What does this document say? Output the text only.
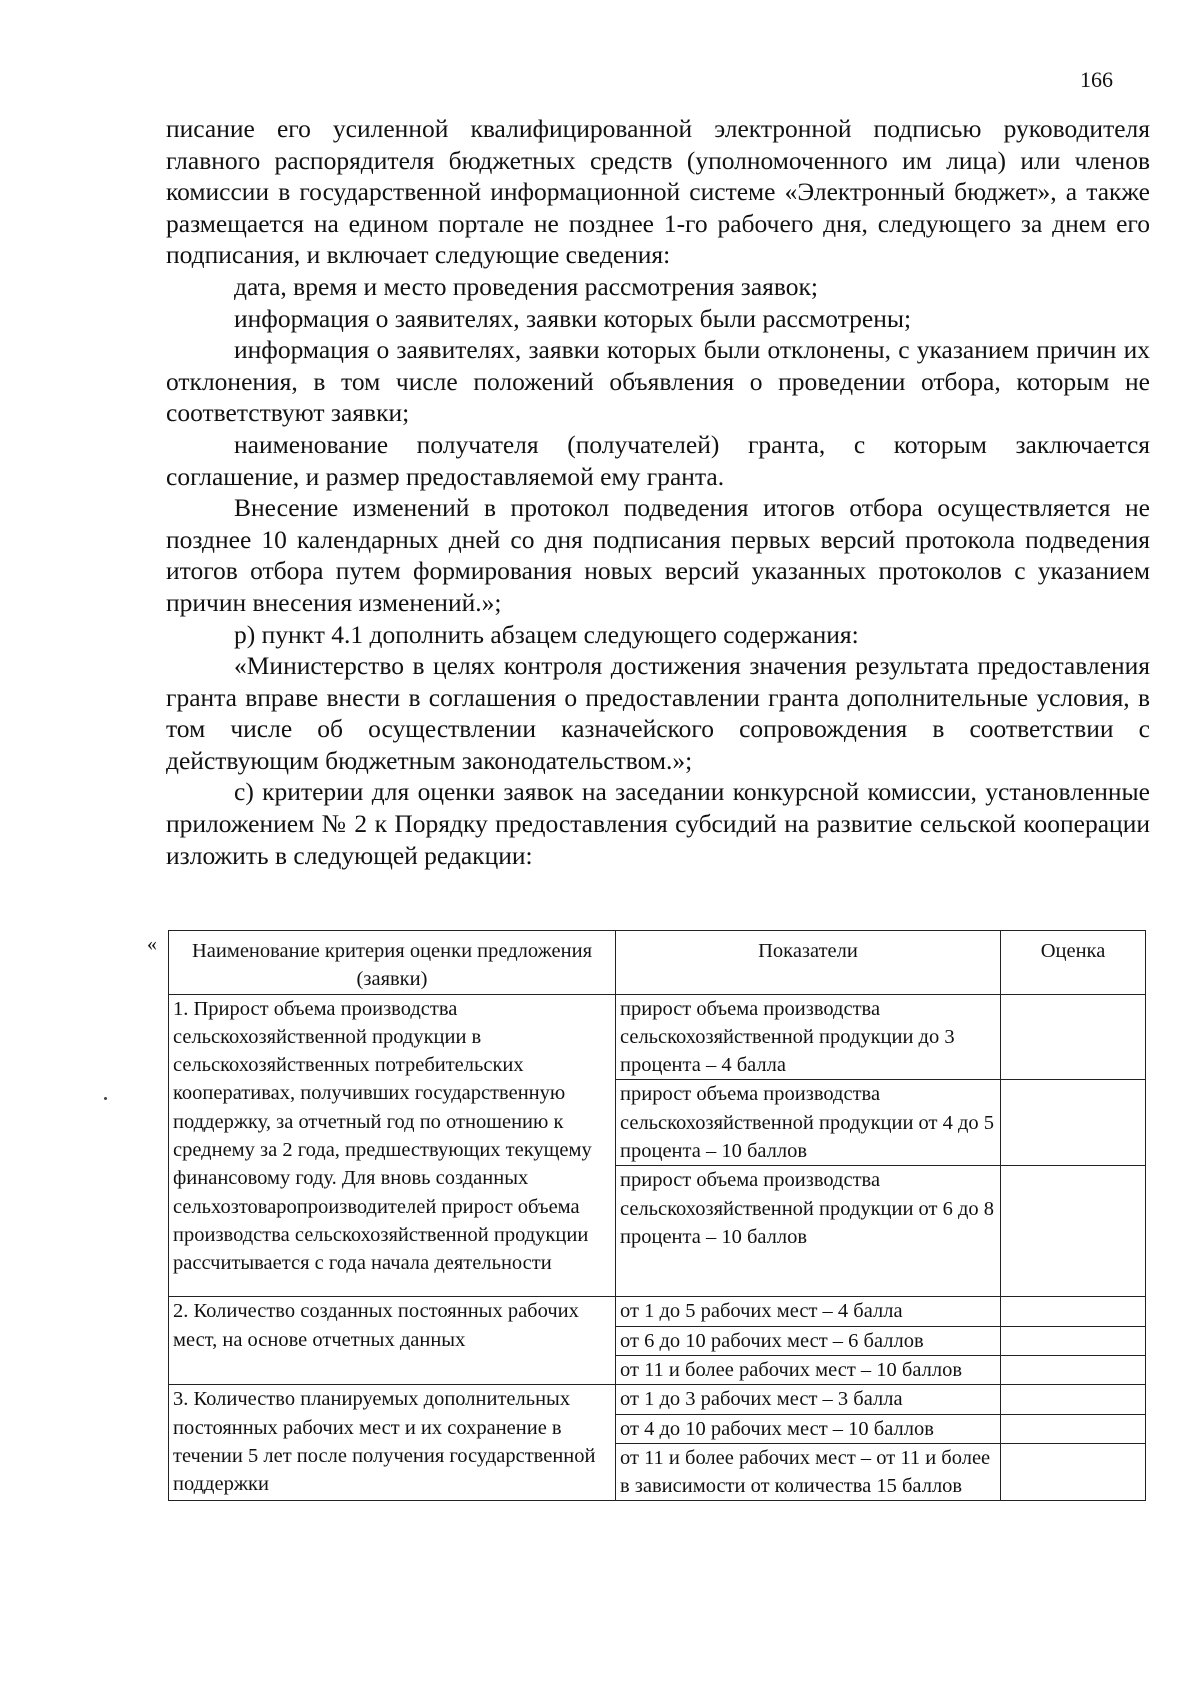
166

писание его усиленной квалифицированной электронной подписью руководителя главного распорядителя бюджетных средств (уполномоченного им лица) или членов комиссии в государственной информационной системе «Электронный бюджет», а также размещается на едином портале не позднее 1-го рабочего дня, следующего за днем его подписания, и включает следующие сведения:

дата, время и место проведения рассмотрения заявок;

информация о заявителях, заявки которых были рассмотрены;

информация о заявителях, заявки которых были отклонены, с указанием причин их отклонения, в том числе положений объявления о проведении отбора, которым не соответствуют заявки;

наименование получателя (получателей) гранта, с которым заключается соглашение, и размер предоставляемой ему гранта.

Внесение изменений в протокол подведения итогов отбора осуществляется не позднее 10 календарных дней со дня подписания первых версий протокола подведения итогов отбора путем формирования новых версий указанных протоколов с указанием причин внесения изменений.»;

р) пункт 4.1 дополнить абзацем следующего содержания:

«Министерство в целях контроля достижения значения результата предоставления гранта вправе внести в соглашения о предоставлении гранта дополнительные условия, в том числе об осуществлении казначейского сопровождения в соответствии с действующим бюджетным законодательством.»;

с) критерии для оценки заявок на заседании конкурсной комиссии, установленные приложением № 2 к Порядку предоставления субсидий на развитие сельской кооперации изложить в следующей редакции:

« Наименование критерия оценки предложения (заявки)	Показатели	Оценка
1. Прирост объема производства сельскохозяйственной продукции в сельскохозяйственных потребительских кооперативах, получивших государственную поддержку, за отчетный год по отношению к среднему за 2 года, предшествующих текущему финансовому году. Для вновь созданных сельхозтоваропроизводителей прирост объема производства сельскохозяйственной продукции рассчитывается с года начала деятельности	прирост объема производства сельскохозяйственной продукции до 3 процента – 4 балла	
	прирост объема производства сельскохозяйственной продукции от 4 до 5 процента – 10 баллов	
	прирост объема производства сельскохозяйственной продукции от 6 до 8 процента – 10 баллов	
2. Количество созданных постоянных рабочих мест, на основе отчетных данных	от 1 до 5 рабочих мест – 4 балла	
	от 6 до 10 рабочих мест – 6 баллов	
	от 11 и более рабочих мест – 10 баллов	
3. Количество планируемых дополнительных постоянных рабочих мест и их сохранение в течении 5 лет после получения государственной поддержки	от 1 до 3 рабочих мест – 3 балла	
	от 4 до 10 рабочих мест – 10 баллов	
	от 11 и более рабочих мест – от 11 и более в зависимости от количества 15 баллов	
